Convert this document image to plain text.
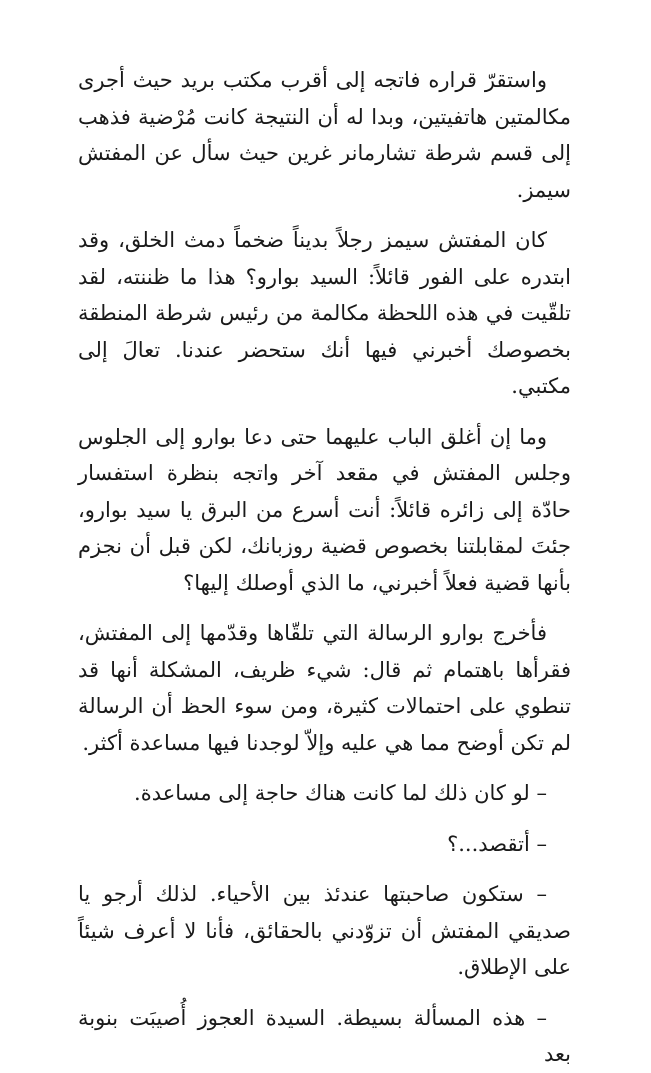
واستقرّ قراره فاتجه إلى أقرب مكتب بريد حيث أجرى مكالمتين هاتفيتين، وبدا له أن النتيجة كانت مُرْضية فذهب إلى قسم شرطة تشارمانر غرين حيث سأل عن المفتش سيمز.

كان المفتش سيمز رجلاً بديناً ضخماً دمث الخلق، وقد ابتدره على الفور قائلاً: السيد بوارو؟ هذا ما ظننته، لقد تلقّيت في هذه اللحظة مكالمة من رئيس شرطة المنطقة بخصوصك أخبرني فيها أنك ستحضر عندنا. تعالَ إلى مكتبي.

وما إن أغلق الباب عليهما حتى دعا بوارو إلى الجلوس وجلس المفتش في مقعد آخر واتجه بنظرة استفسار حادّة إلى زائره قائلاً: أنت أسرع من البرق يا سيد بوارو، جئتَ لمقابلتنا بخصوص قضية روزبانك، لكن قبل أن نجزم بأنها قضية فعلاً أخبرني، ما الذي أوصلك إليها؟

فأخرج بوارو الرسالة التي تلقّاها وقدّمها إلى المفتش، فقرأها باهتمام ثم قال: شيء ظريف، المشكلة أنها قد تنطوي على احتمالات كثيرة، ومن سوء الحظ أن الرسالة لم تكن أوضح مما هي عليه وإلاّ لوجدنا فيها مساعدة أكثر.

– لو كان ذلك لما كانت هناك حاجة إلى مساعدة.

– أتقصد...؟

– ستكون صاحبتها عندئذ بين الأحياء. لذلك أرجو يا صديقي المفتش أن تزوّدني بالحقائق، فأنا لا أعرف شيئاً على الإطلاق.

– هذه المسألة بسيطة. السيدة العجوز أُصيبَت بنوبة بعد
